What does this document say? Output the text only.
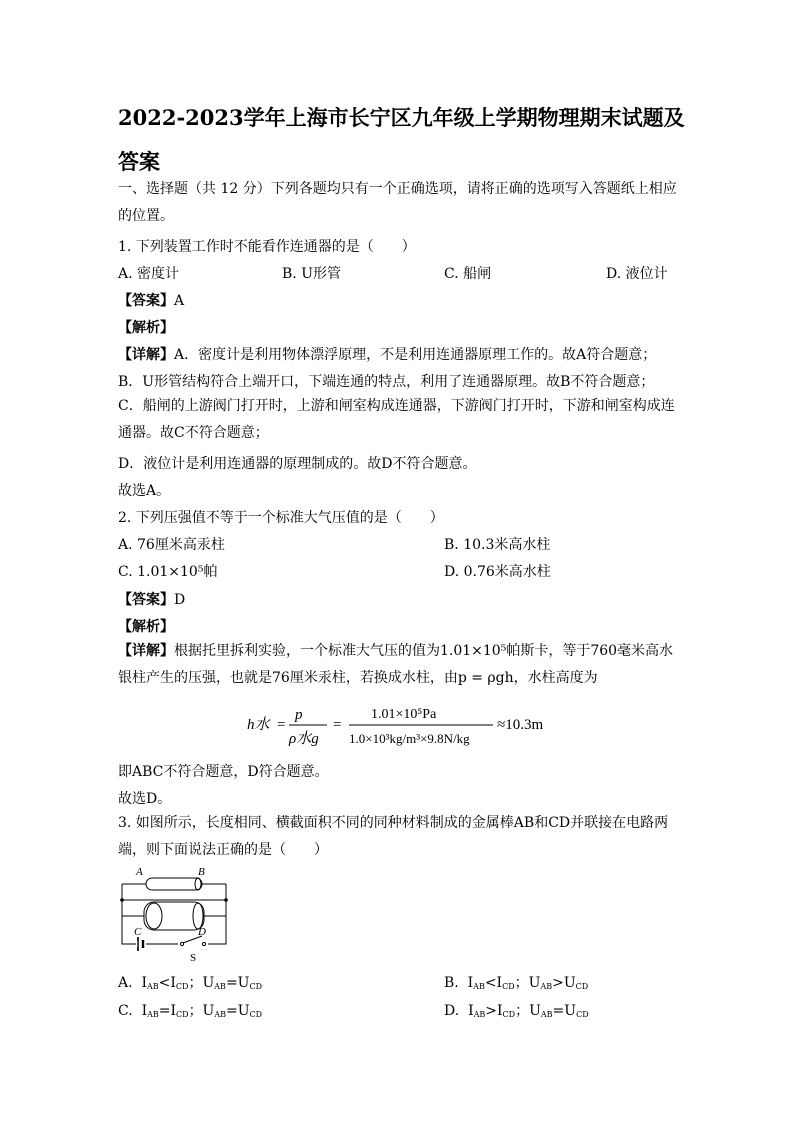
2022-2023学年上海市长宁区九年级上学期物理期末试题及答案
一、选择题（共 12 分）下列各题均只有一个正确选项，请将正确的选项写入答题纸上相应的位置。
1. 下列装置工作时不能看作连通器的是（　　）
A. 密度计	B. U形管	C. 船闸	D. 液位计
【答案】A
【解析】
【详解】A．密度计是利用物体漂浮原理，不是利用连通器原理工作的。故A符合题意；
B．U形管结构符合上端开口，下端连通的特点，利用了连通器原理。故B不符合题意；
C．船闸的上游阀门打开时，上游和闸室构成连通器，下游阀门打开时，下游和闸室构成连通器。故C不符合题意；
D．液位计是利用连通器的原理制成的。故D不符合题意。
故选A。
2. 下列压强值不等于一个标准大气压值的是（　　）
A. 76厘米高汞柱	B. 10.3米高水柱
C. 1.01×10⁵帕	D. 0.76米高水柱
【答案】D
【解析】
【详解】根据托里拆利实验，一个标准大气压的值为1.01×10⁵帕斯卡，等于760毫米高水银柱产生的压强，也就是76厘米汞柱，若换成水柱，由p = ρgh，水柱高度为
h水 =
p
ρ水g
=
1.01×10⁵Pa
1.0×10³kg/m³×9.8N/kg
≈10.3m
即ABC不符合题意，D符合题意。
故选D。
3. 如图所示，长度相同、横截面积不同的同种材料制成的金属棒AB和CD并联接在电路两端，则下面说法正确的是（　　）
A	B
C	D
S
A.  IAB<ICD；UAB=UCD	B.  IAB<ICD；UAB>UCD
C.  IAB=ICD；UAB=UCD	D.  IAB>ICD；UAB=UCD
